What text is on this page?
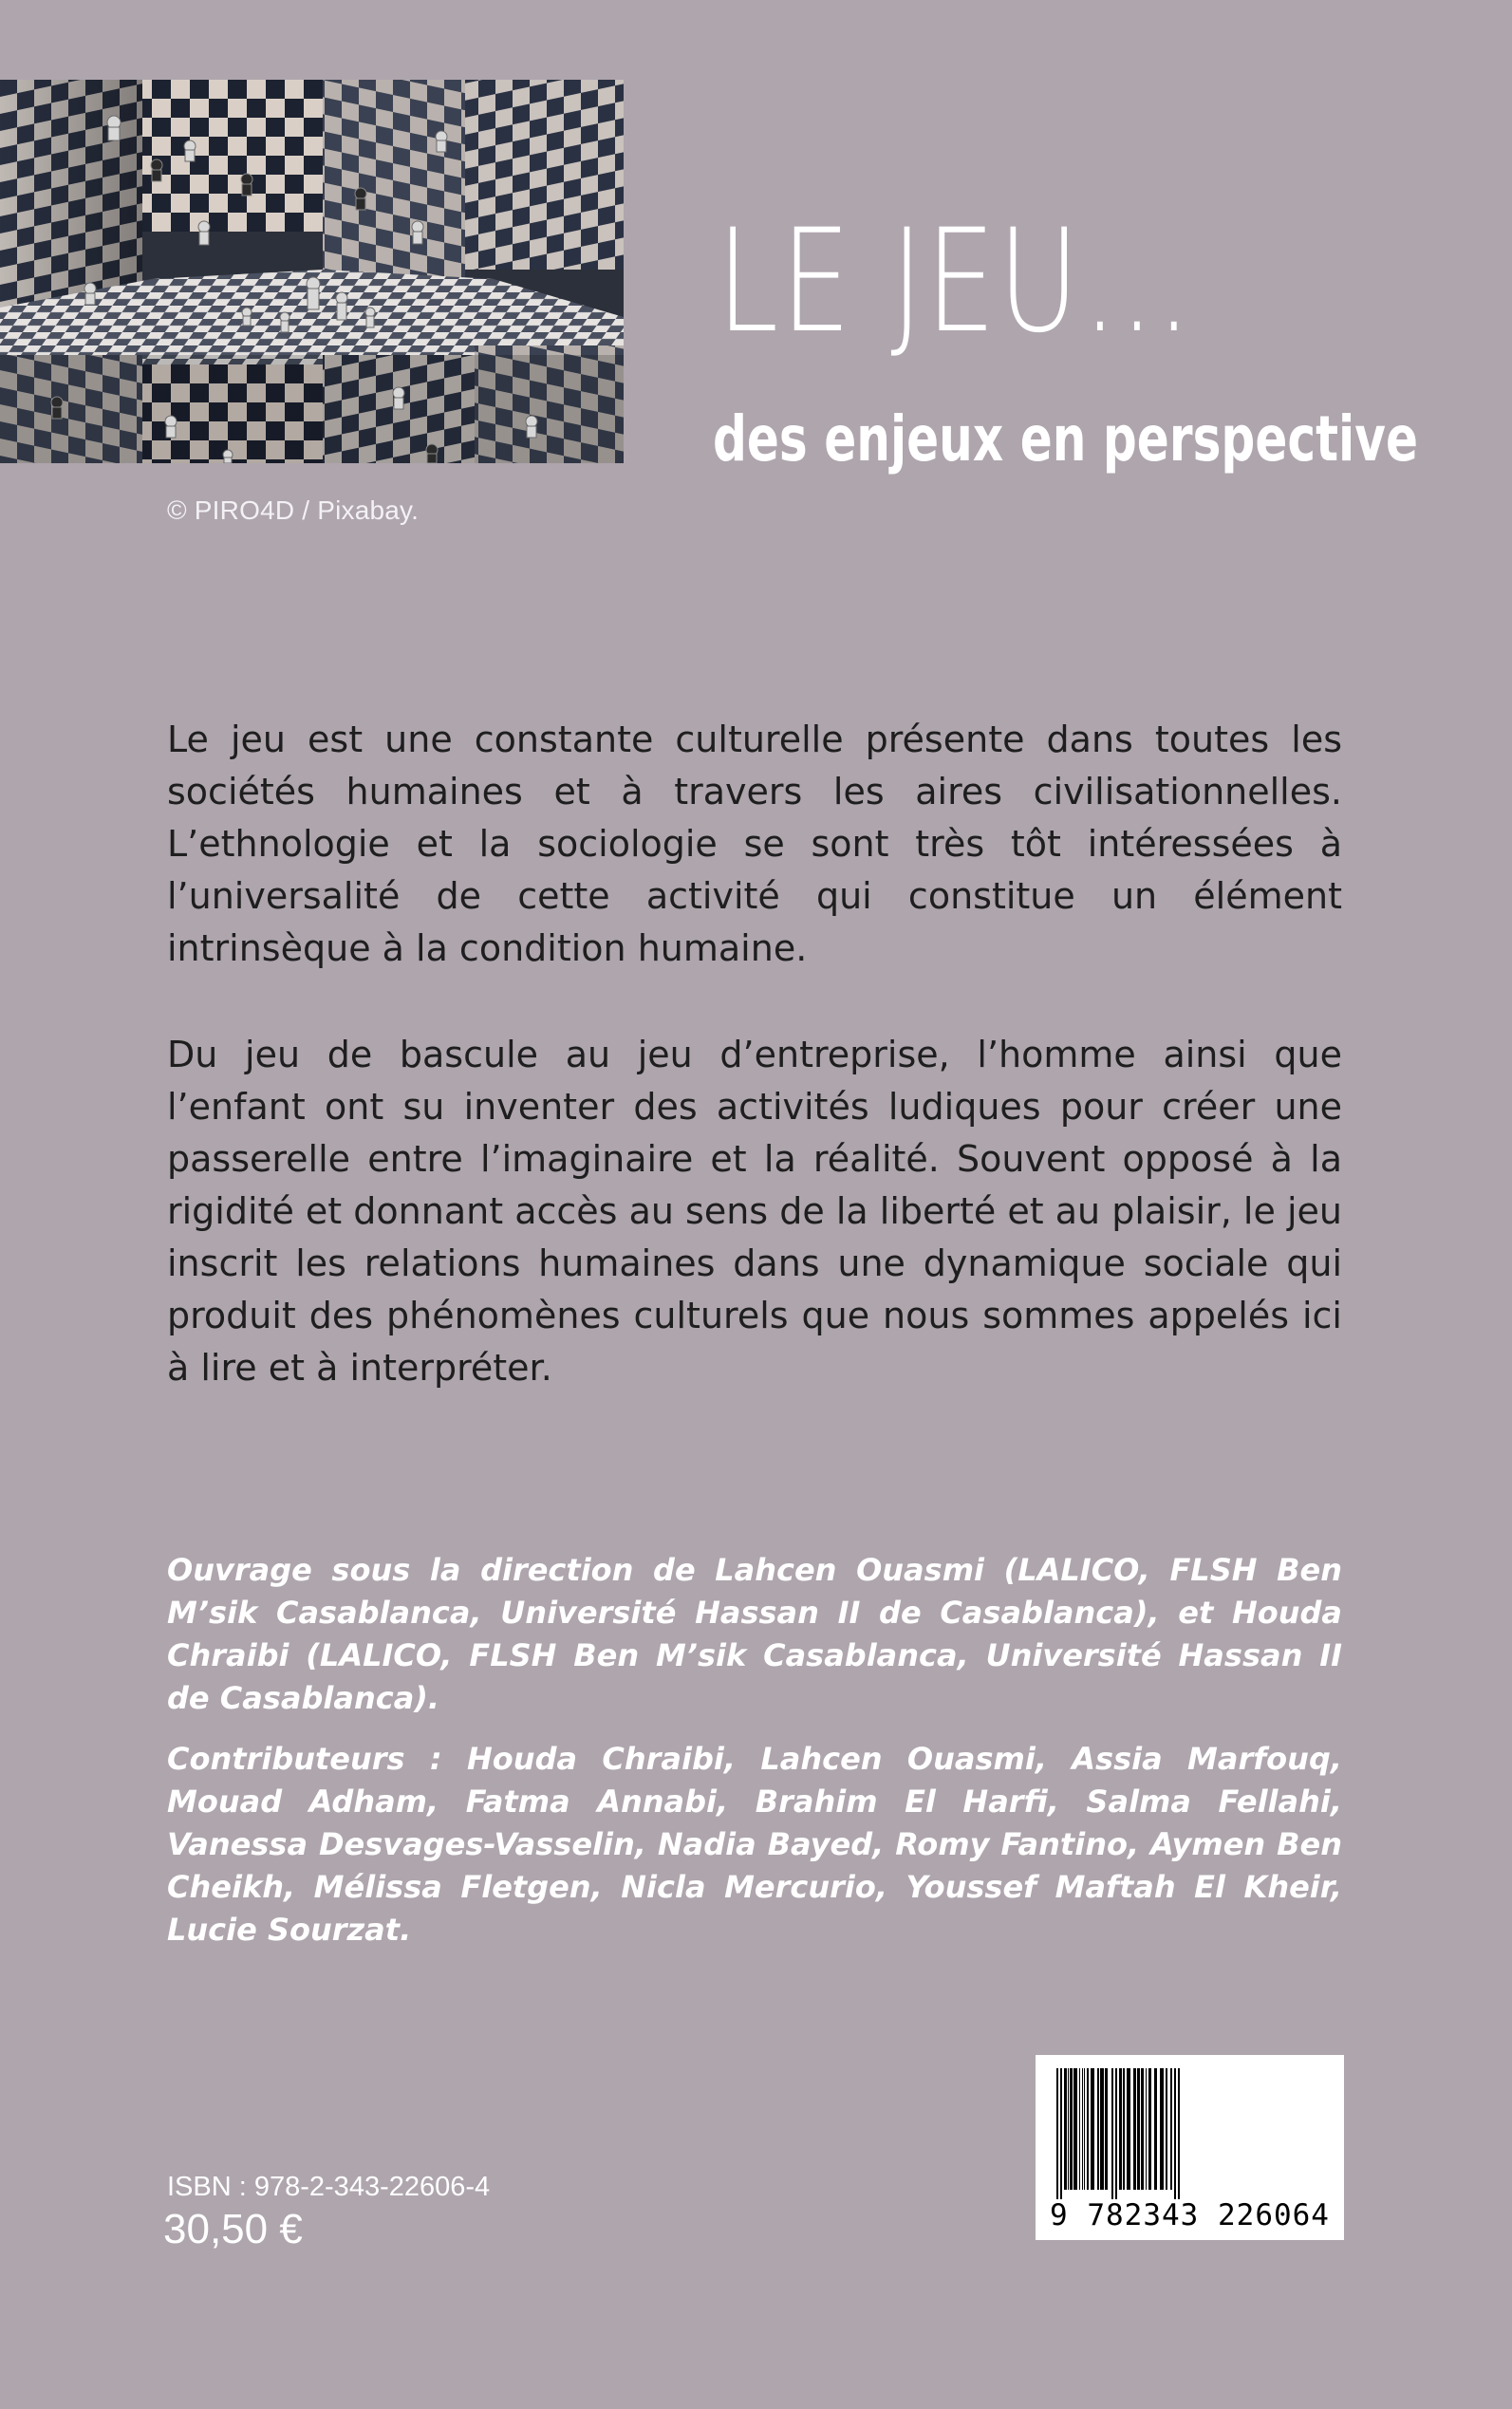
© PIRO4D / Pixabay.
LE JEU…
des enjeux en perspective

Le jeu est une constante culturelle présente dans toutes les sociétés humaines et à travers les aires civilisationnelles. L’ethnologie et la sociologie se sont très tôt intéressées à l’universalité de cette activité qui constitue un élément intrinsèque à la condition humaine.

Du jeu de bascule au jeu d’entreprise, l’homme ainsi que l’enfant ont su inventer des activités ludiques pour créer une passerelle entre l’imaginaire et la réalité. Souvent opposé à la rigidité et donnant accès au sens de la liberté et au plaisir, le jeu inscrit les relations humaines dans une dynamique sociale qui produit des phénomènes culturels que nous sommes appelés ici à lire et à interpréter.

Ouvrage sous la direction de Lahcen Ouasmi (LALICO, FLSH Ben M’sik Casablanca, Université Hassan II de Casablanca), et Houda Chraibi (LALICO, FLSH Ben M’sik Casablanca, Université Hassan II de Casablanca).

Contributeurs : Houda Chraibi, Lahcen Ouasmi, Assia Marfouq, Mouad Adham, Fatma Annabi, Brahim El Harfi, Salma Fellahi, Vanessa Desvages-Vasselin, Nadia Bayed, Romy Fantino, Aymen Ben Cheikh, Mélissa Fletgen, Nicla Mercurio, Youssef Maftah El Kheir, Lucie Sourzat.

ISBN : 978-2-343-22606-4
30,50 €	9 782343 226064
